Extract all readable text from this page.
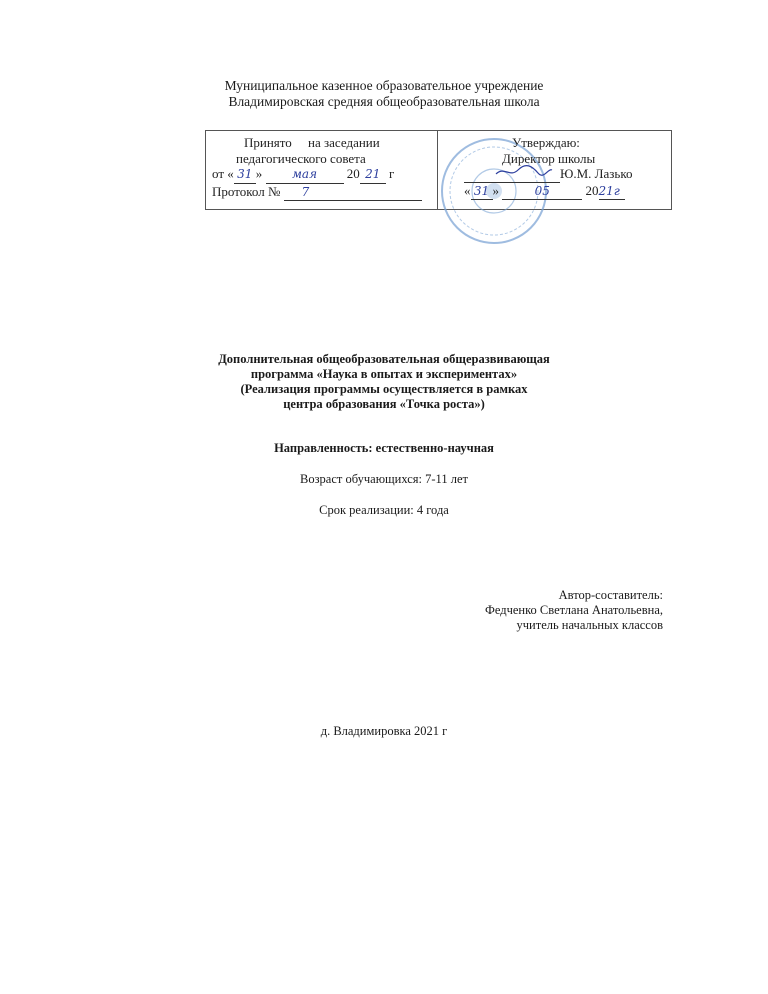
Муниципальное казенное образовательное учреждение
Владимировская средняя общеобразовательная школа
Принято     на заседании
педагогического совета
от « 31 » мая 20 21 г
Протокол № 7
Утверждаю:
Директор школы
Ю.М. Лазько
« 31 »	05	2021г
Дополнительная общеобразовательная общеразвивающая
программа «Наука в опытах и экспериментах»
(Реализация программы осуществляется в рамках
центра образования «Точка роста»)
Направленность: естественно-научная
Возраст обучающихся: 7-11 лет
Срок реализации: 4 года
Автор-составитель:
Федченко Светлана Анатольевна,
учитель начальных классов
д. Владимировка 2021 г
